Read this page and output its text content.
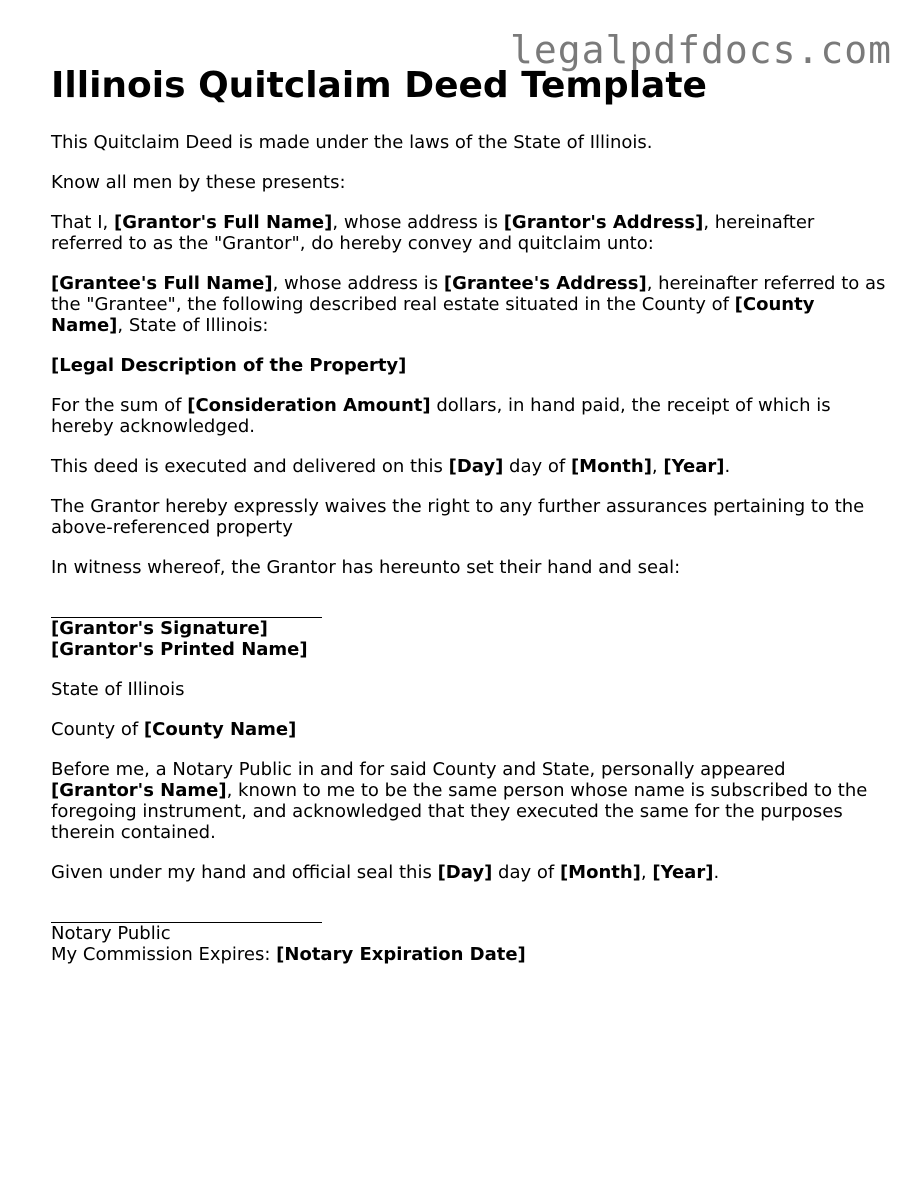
legalpdfdocs.com
Illinois Quitclaim Deed Template

This Quitclaim Deed is made under the laws of the State of Illinois.

Know all men by these presents:

That I, [Grantor's Full Name], whose address is [Grantor's Address], hereinafter referred to as the "Grantor", do hereby convey and quitclaim unto:

[Grantee's Full Name], whose address is [Grantee's Address], hereinafter referred to as the "Grantee", the following described real estate situated in the County of [County Name], State of Illinois:

[Legal Description of the Property]

For the sum of [Consideration Amount] dollars, in hand paid, the receipt of which is hereby acknowledged.

This deed is executed and delivered on this [Day] day of [Month], [Year].

The Grantor hereby expressly waives the right to any further assurances pertaining to the above-referenced property

In witness whereof, the Grantor has hereunto set their hand and seal:

[Grantor's Signature]

[Grantor's Printed Name]

State of Illinois

County of [County Name]

Before me, a Notary Public in and for said County and State, personally appeared [Grantor's Name], known to me to be the same person whose name is subscribed to the foregoing instrument, and acknowledged that they executed the same for the purposes therein contained.

Given under my hand and official seal this [Day] day of [Month], [Year].

Notary Public

My Commission Expires: [Notary Expiration Date]
